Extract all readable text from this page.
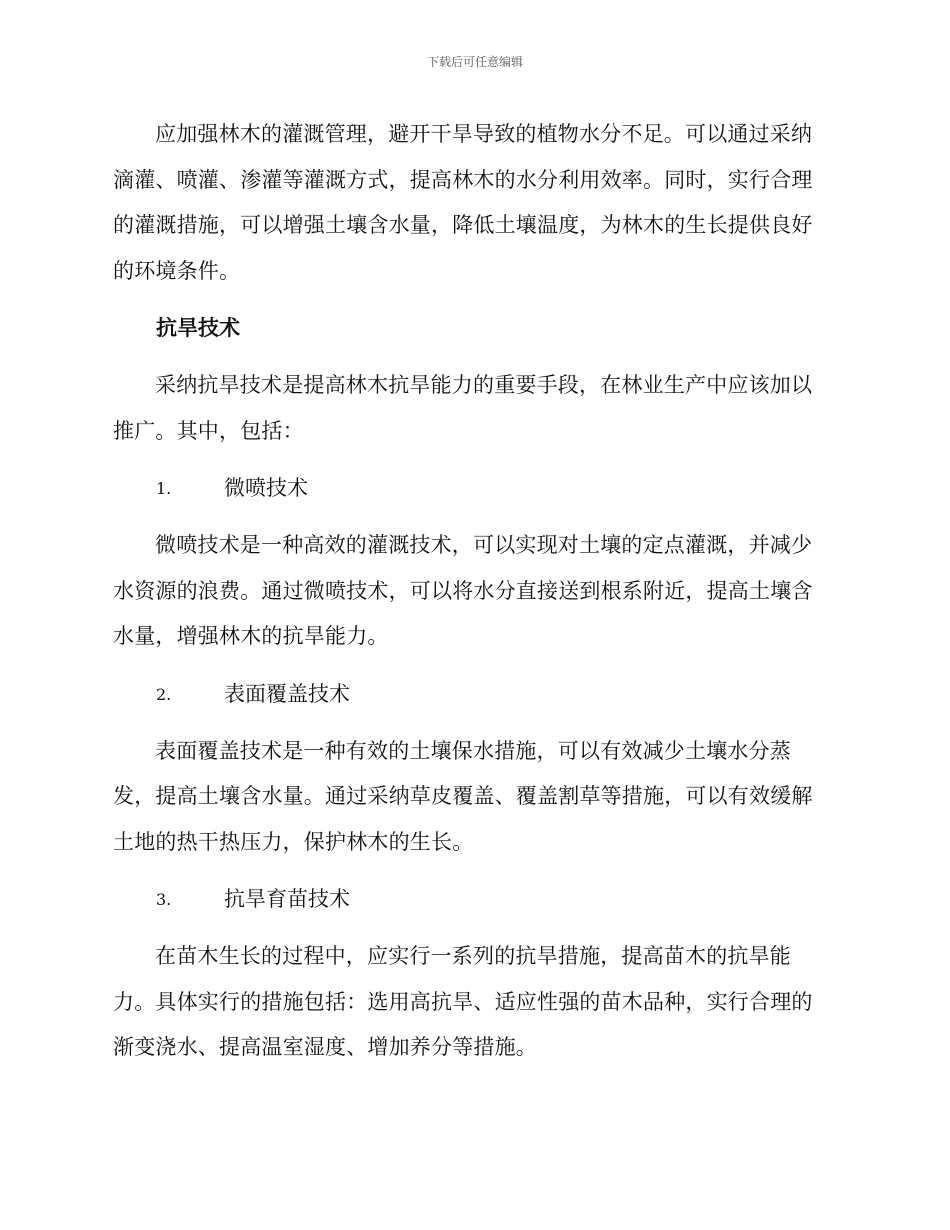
下载后可任意编辑

应加强林木的灌溉管理，避开干旱导致的植物水分不足。可以通过采纳滴灌、喷灌、渗灌等灌溉方式，提高林木的水分利用效率。同时，实行合理的灌溉措施，可以增强土壤含水量，降低土壤温度，为林木的生长提供良好的环境条件。

抗旱技术

采纳抗旱技术是提高林木抗旱能力的重要手段，在林业生产中应该加以推广。其中，包括：

1.	微喷技术

微喷技术是一种高效的灌溉技术，可以实现对土壤的定点灌溉，并减少水资源的浪费。通过微喷技术，可以将水分直接送到根系附近，提高土壤含水量，增强林木的抗旱能力。

2.	表面覆盖技术

表面覆盖技术是一种有效的土壤保水措施，可以有效减少土壤水分蒸发，提高土壤含水量。通过采纳草皮覆盖、覆盖割草等措施，可以有效缓解土地的热干热压力，保护林木的生长。

3.	抗旱育苗技术

在苗木生长的过程中，应实行一系列的抗旱措施，提高苗木的抗旱能力。具体实行的措施包括：选用高抗旱、适应性强的苗木品种，实行合理的渐变浇水、提高温室湿度、增加养分等措施。
